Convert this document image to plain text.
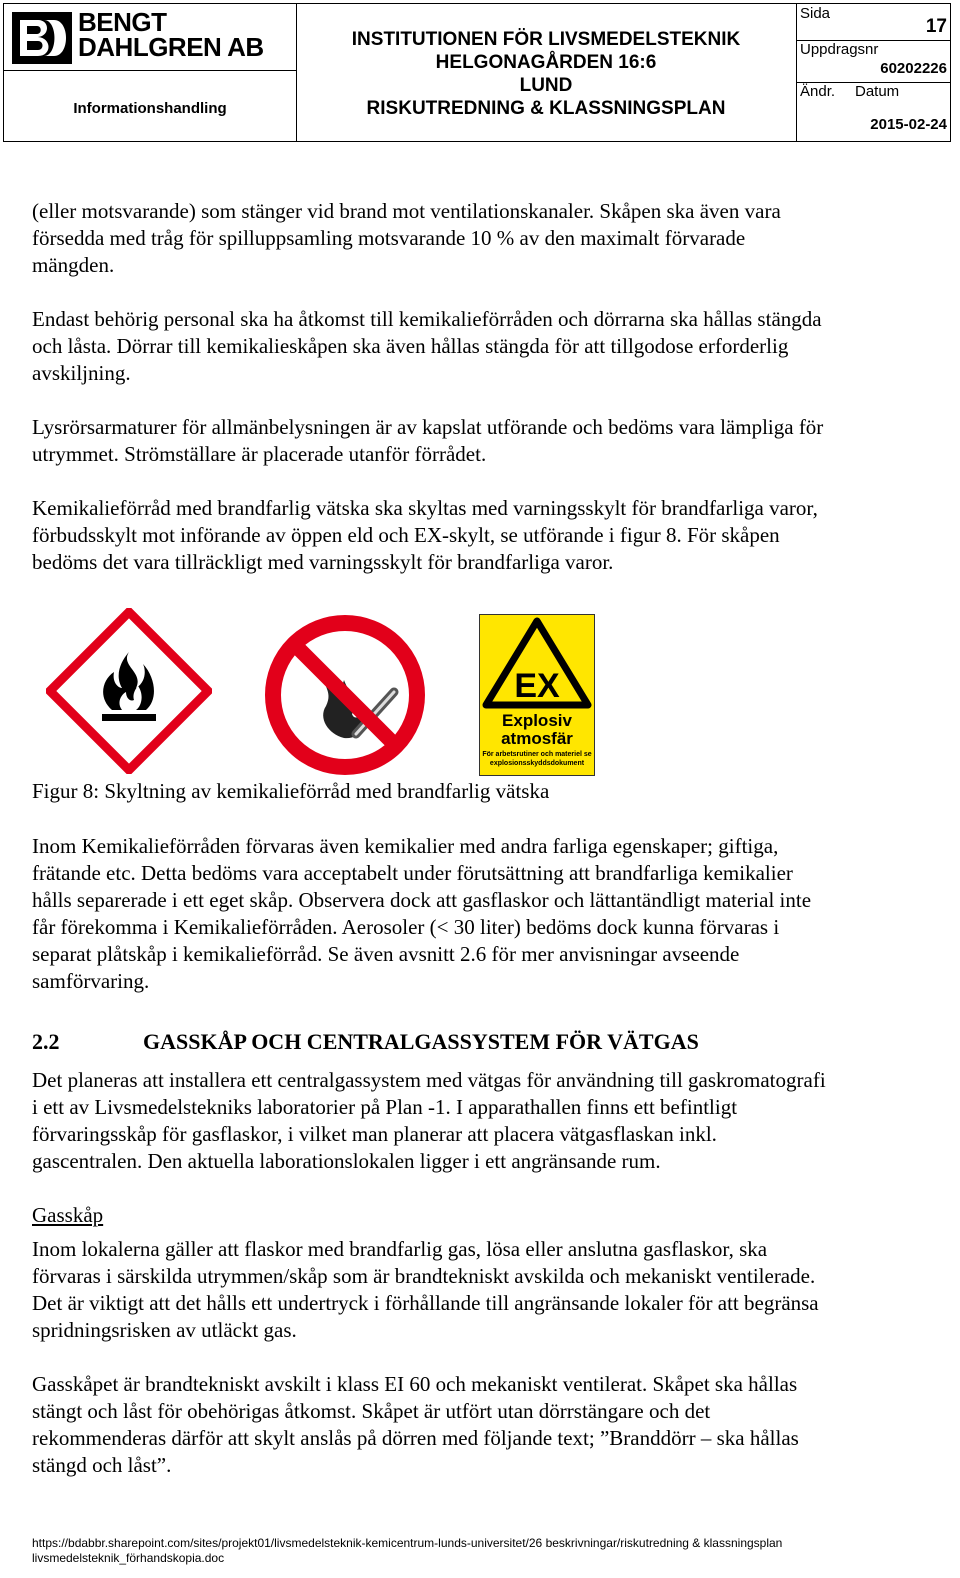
BENGT
DAHLGREN AB
Informationshandling
INSTITUTIONEN FÖR LIVSMEDELSTEKNIK
HELGONAGÅRDEN 16:6
LUND
RISKUTREDNING & KLASSNINGSPLAN
Sida
17
Uppdragsnr
60202226
Ändr. Datum
2015-02-24

(eller motsvarande) som stänger vid brand mot ventilationskanaler. Skåpen ska även vara
försedda med tråg för spilluppsamling motsvarande 10 % av den maximalt förvarade
mängden.

Endast behörig personal ska ha åtkomst till kemikalieförråden och dörrarna ska hållas stängda
och låsta. Dörrar till kemikalieskåpen ska även hållas stängda för att tillgodose erforderlig
avskiljning.

Lysrörsarmaturer för allmänbelysningen är av kapslat utförande och bedöms vara lämpliga för
utrymmet. Strömställare är placerade utanför förrådet.

Kemikalieförråd med brandfarlig vätska ska skyltas med varningsskylt för brandfarliga varor,
förbudsskylt mot införande av öppen eld och EX-skylt, se utförande i figur 8. För skåpen
bedöms det vara tillräckligt med varningsskylt för brandfarliga varor.

EX
Explosiv
atmosfär
För arbetsrutiner och materiel se explosionsskyddsdokument
Figur 8: Skyltning av kemikalieförråd med brandfarlig vätska

Inom Kemikalieförråden förvaras även kemikalier med andra farliga egenskaper; giftiga,
frätande etc. Detta bedöms vara acceptabelt under förutsättning att brandfarliga kemikalier
hålls separerade i ett eget skåp. Observera dock att gasflaskor och lättantändligt material inte
får förekomma i Kemikalieförråden. Aerosoler (< 30 liter) bedöms dock kunna förvaras i
separat plåtskåp i kemikalieförråd. Se även avsnitt 2.6 för mer anvisningar avseende
samförvaring.

2.2	GASSKÅP OCH CENTRALGASSYSTEM FÖR VÄTGAS

Det planeras att installera ett centralgassystem med vätgas för användning till gaskromatografi
i ett av Livsmedelstekniks laboratorier på Plan -1. I apparathallen finns ett befintligt
förvaringsskåp för gasflaskor, i vilket man planerar att placera vätgasflaskan inkl.
gascentralen. Den aktuella laborationslokalen ligger i ett angränsande rum.

Gasskåp

Inom lokalerna gäller att flaskor med brandfarlig gas, lösa eller anslutna gasflaskor, ska
förvaras i särskilda utrymmen/skåp som är brandtekniskt avskilda och mekaniskt ventilerade.
Det är viktigt att det hålls ett undertryck i förhållande till angränsande lokaler för att begränsa
spridningsrisken av utläckt gas.

Gasskåpet är brandtekniskt avskilt i klass EI 60 och mekaniskt ventilerat. Skåpet ska hållas
stängt och låst för obehörigas åtkomst. Skåpet är utfört utan dörrstängare och det
rekommenderas därför att skylt anslås på dörren med följande text; ”Branddörr – ska hållas
stängd och låst”.

https://bdabbr.sharepoint.com/sites/projekt01/livsmedelsteknik-kemicentrum-lunds-universitet/26 beskrivningar/riskutredning & klassningsplan
livsmedelsteknik_förhandskopia.doc
